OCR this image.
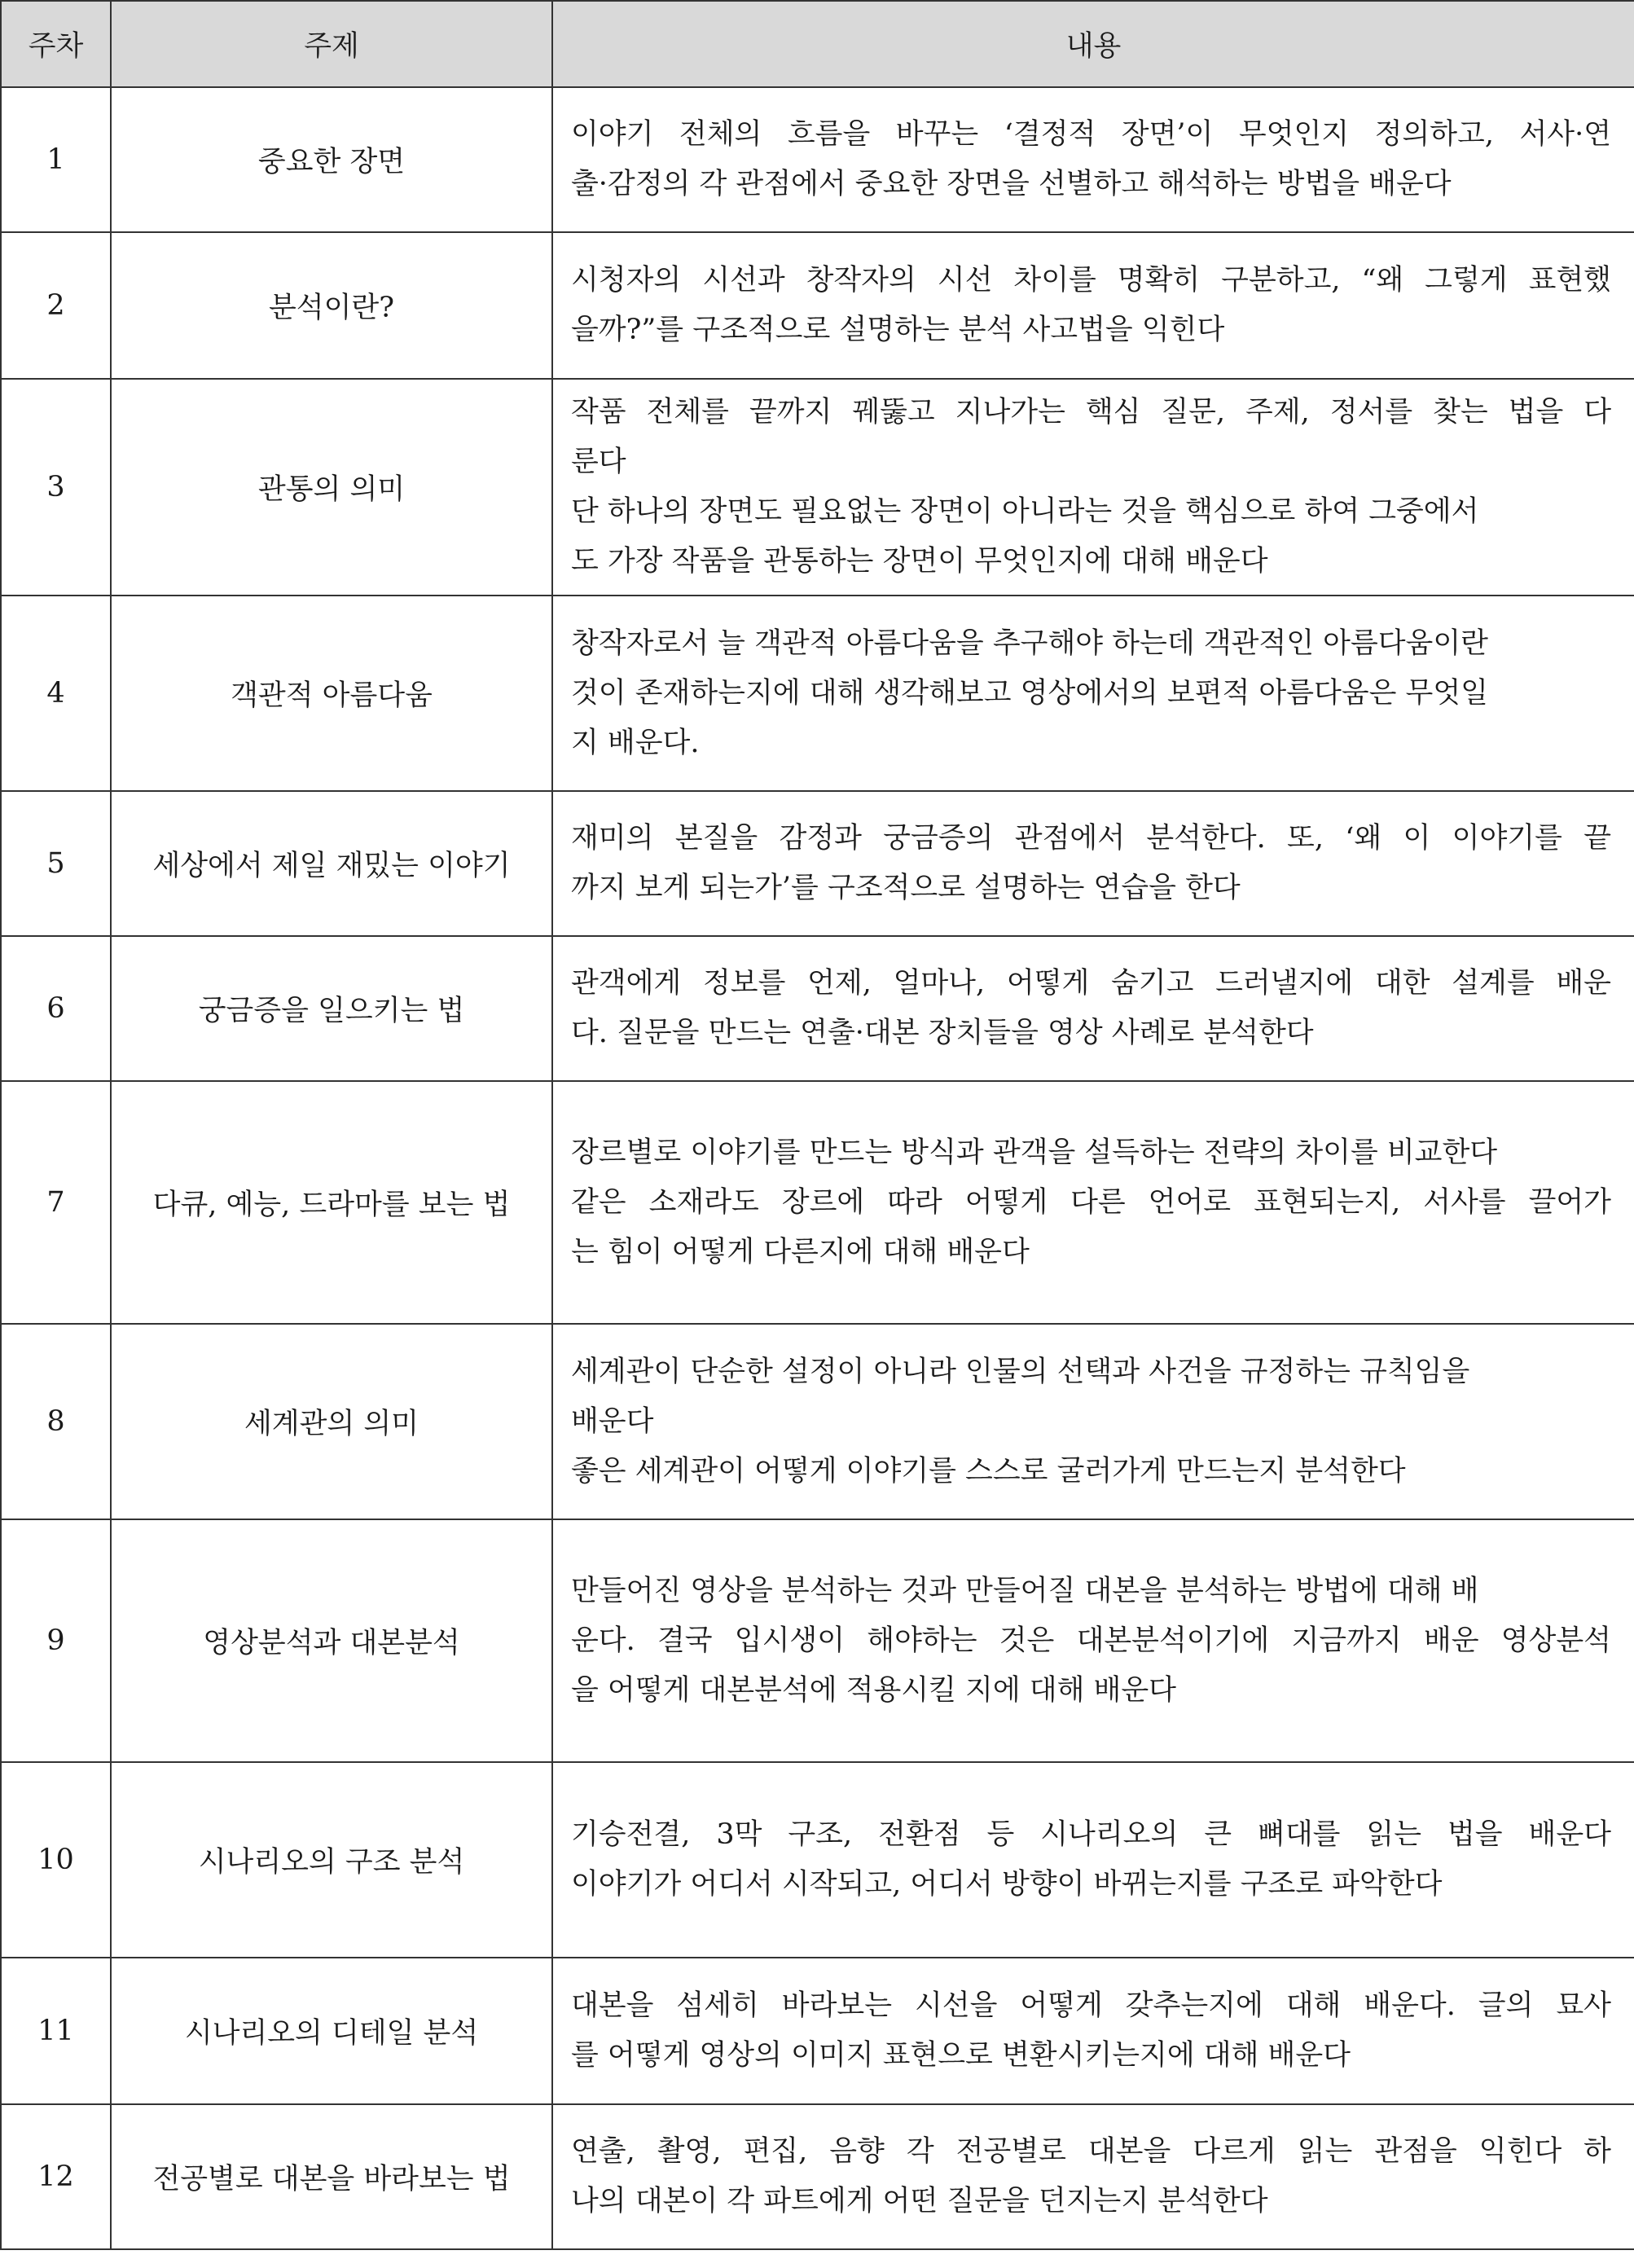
주차	주제	내용
1	중요한 장면	이야기 전체의 흐름을 바꾸는 ‘결정적 장면’이 무엇인지 정의하고, 서사·연
출·감정의 각 관점에서 중요한 장면을 선별하고 해석하는 방법을 배운다

2	분석이란?	시청자의 시선과 창작자의 시선 차이를 명확히 구분하고, “왜 그렇게 표현했
을까?”를 구조적으로 설명하는 분석 사고법을 익힌다

3	관통의 의미	작품 전체를 끝까지 꿰뚫고 지나가는 핵심 질문, 주제, 정서를 찾는 법을 다
룬다
단 하나의 장면도 필요없는 장면이 아니라는 것을 핵심으로 하여 그중에서
도 가장 작품을 관통하는 장면이 무엇인지에 대해 배운다

4	객관적 아름다움	창작자로서 늘 객관적 아름다움을 추구해야 하는데 객관적인 아름다움이란
것이 존재하는지에 대해 생각해보고 영상에서의 보편적 아름다움은 무엇일
지 배운다.

5	세상에서 제일 재밌는 이야기	재미의 본질을 감정과 궁금증의 관점에서 분석한다. 또, ‘왜 이 이야기를 끝
까지 보게 되는가’를 구조적으로 설명하는 연습을 한다

6	궁금증을 일으키는 법	관객에게 정보를 언제, 얼마나, 어떻게 숨기고 드러낼지에 대한 설계를 배운
다. 질문을 만드는 연출·대본 장치들을 영상 사례로 분석한다

7	다큐, 예능, 드라마를 보는 법	장르별로 이야기를 만드는 방식과 관객을 설득하는 전략의 차이를 비교한다
같은 소재라도 장르에 따라 어떻게 다른 언어로 표현되는지, 서사를 끌어가
는 힘이 어떻게 다른지에 대해 배운다

8	세계관의 의미	세계관이 단순한 설정이 아니라 인물의 선택과 사건을 규정하는 규칙임을
배운다
좋은 세계관이 어떻게 이야기를 스스로 굴러가게 만드는지 분석한다

9	영상분석과 대본분석	만들어진 영상을 분석하는 것과 만들어질 대본을 분석하는 방법에 대해 배
운다. 결국 입시생이 해야하는 것은 대본분석이기에 지금까지 배운 영상분석
을 어떻게 대본분석에 적용시킬 지에 대해 배운다

10	시나리오의 구조 분석	기승전결, 3막 구조, 전환점 등 시나리오의 큰 뼈대를 읽는 법을 배운다
이야기가 어디서 시작되고, 어디서 방향이 바뀌는지를 구조로 파악한다

11	시나리오의 디테일 분석	대본을 섬세히 바라보는 시선을 어떻게 갖추는지에 대해 배운다. 글의 묘사
를 어떻게 영상의 이미지 표현으로 변환시키는지에 대해 배운다

12	전공별로 대본을 바라보는 법	연출, 촬영, 편집, 음향 각 전공별로 대본을 다르게 읽는 관점을 익힌다 하
나의 대본이 각 파트에게 어떤 질문을 던지는지 분석한다
